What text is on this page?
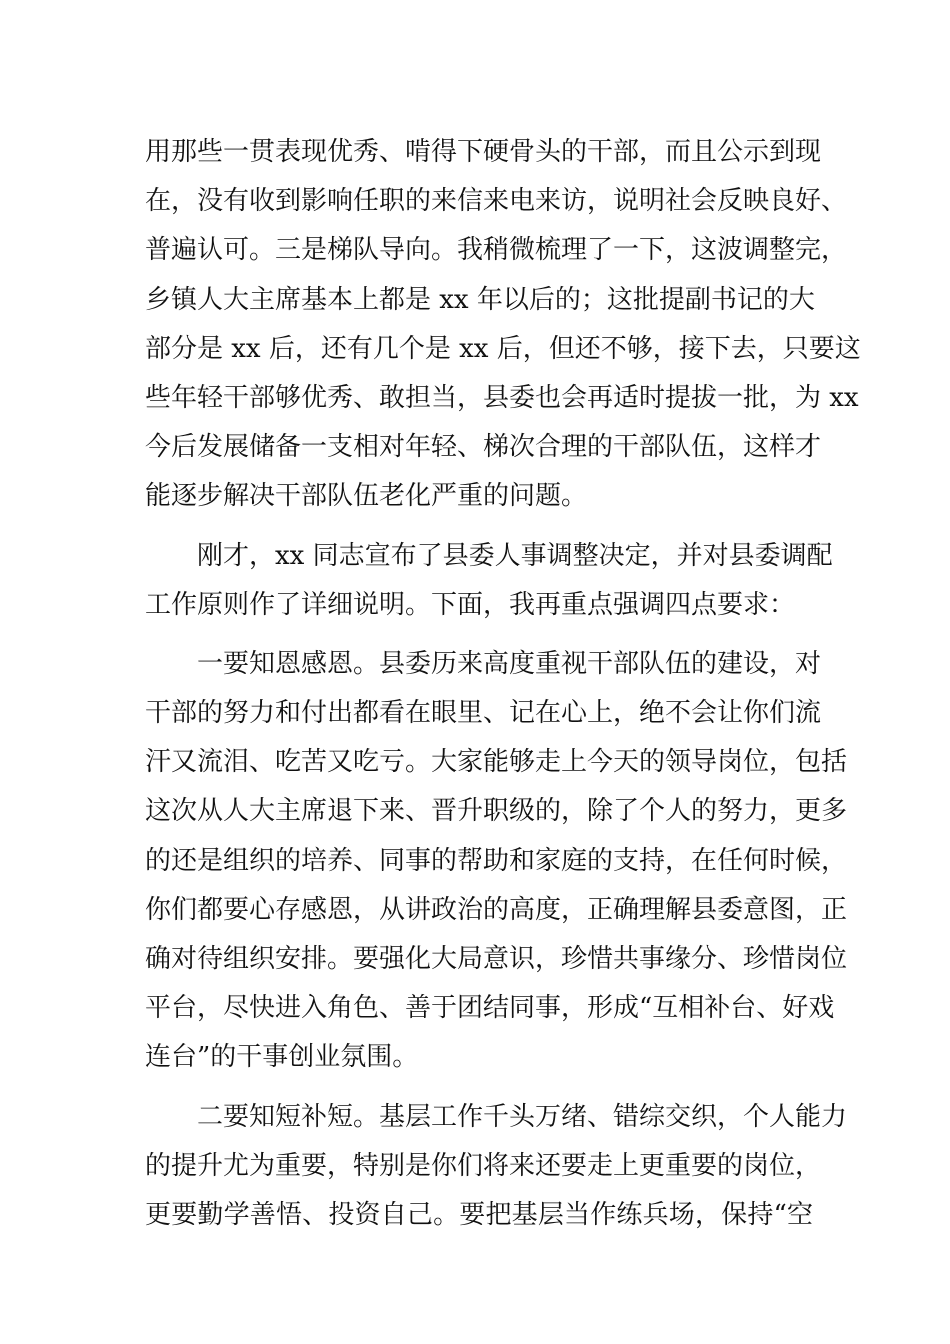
用那些一贯表现优秀、啃得下硬骨头的干部，而且公示到现
在，没有收到影响任职的来信来电来访，说明社会反映良好、
普遍认可。三是梯队导向。我稍微梳理了一下，这波调整完，
乡镇人大主席基本上都是 xx 年以后的；这批提副书记的大
部分是 xx 后，还有几个是 xx 后，但还不够，接下去，只要这
些年轻干部够优秀、敢担当，县委也会再适时提拔一批，为 xx
今后发展储备一支相对年轻、梯次合理的干部队伍，这样才
能逐步解决干部队伍老化严重的问题。
刚才，xx 同志宣布了县委人事调整决定，并对县委调配
工作原则作了详细说明。下面，我再重点强调四点要求：
一要知恩感恩。县委历来高度重视干部队伍的建设，对
干部的努力和付出都看在眼里、记在心上，绝不会让你们流
汗又流泪、吃苦又吃亏。大家能够走上今天的领导岗位，包括
这次从人大主席退下来、晋升职级的，除了个人的努力，更多
的还是组织的培养、同事的帮助和家庭的支持，在任何时候，
你们都要心存感恩，从讲政治的高度，正确理解县委意图，正
确对待组织安排。要强化大局意识，珍惜共事缘分、珍惜岗位
平台，尽快进入角色、善于团结同事，形成“互相补台、好戏
连台”的干事创业氛围。
二要知短补短。基层工作千头万绪、错综交织，个人能力
的提升尤为重要，特别是你们将来还要走上更重要的岗位，
更要勤学善悟、投资自己。要把基层当作练兵场，保持“空
